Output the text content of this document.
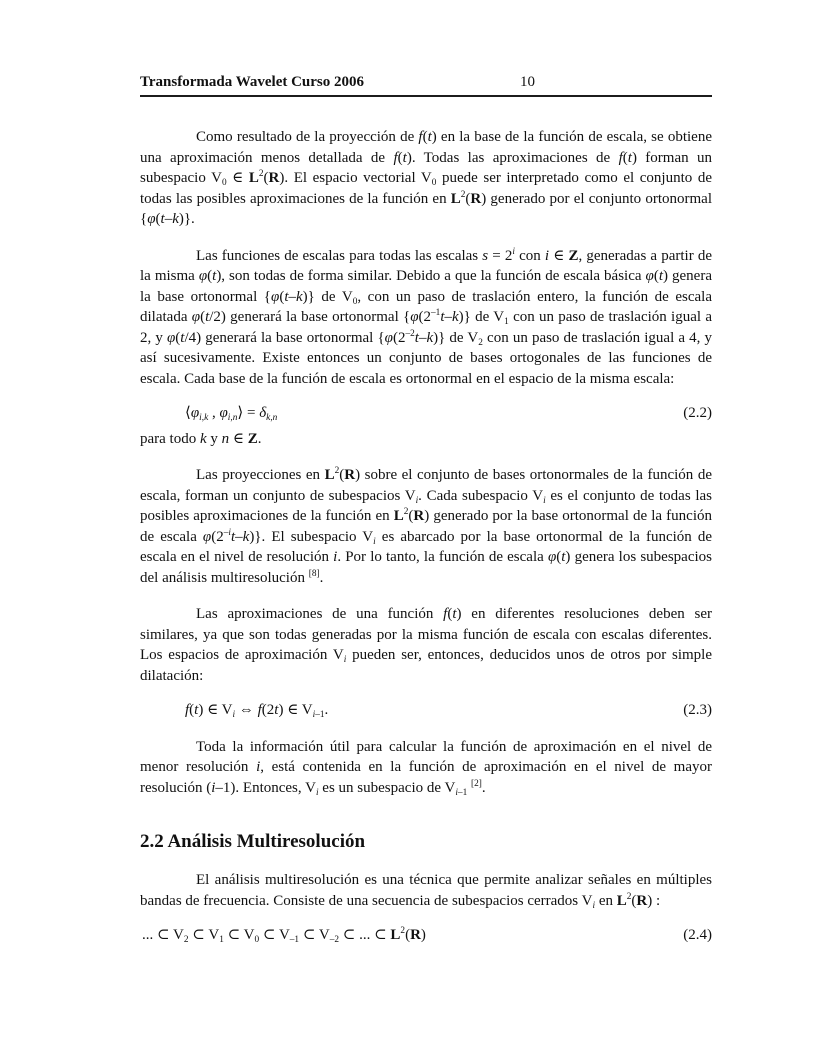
Transformada Wavelet Curso 2006	10

Como resultado de la proyección de f(t) en la base de la función de escala, se obtiene una aproximación menos detallada de f(t). Todas las aproximaciones de f(t) forman un subespacio $V_0$ ∈ $L^2(R)$. El espacio vectorial $V_0$ puede ser interpretado como el conjunto de todas las posibles aproximaciones de la función en $L^2(R)$ generado por el conjunto ortonormal {φ(t–k)}.

Las funciones de escalas para todas las escalas $s = 2^i$ con i ∈ Z, generadas a partir de la misma φ(t), son todas de forma similar. Debido a que la función de escala básica φ(t) genera la base ortonormal {φ(t–k)} de $V_0$, con un paso de traslación entero, la función de escala dilatada φ(t/2) generará la base ortonormal $\{\varphi(2^{-1}t-k)\}$ de $V_1$ con un paso de traslación igual a 2, y φ(t/4) generará la base ortonormal $\{\varphi(2^{-2}t-k)\}$ de $V_2$ con un paso de traslación igual a 4, y así sucesivamente. Existe entonces un conjunto de bases ortogonales de las funciones de escala. Cada base de la función de escala es ortonormal en el espacio de la misma escala:

$⟨\varphi_{i,k}$ , $\varphi_{i,n}⟩ = \delta_{k,n}$	(2.2)

para todo k y n ∈ Z.

Las proyecciones en $L^2(R)$ sobre el conjunto de bases ortonormales de la función de escala, forman un conjunto de subespacios $V_i$. Cada subespacio $V_i$ es el conjunto de todas las posibles aproximaciones de la función en $L^2(R)$ generado por la base ortonormal de la función de escala $\varphi(2^{-i}t-k)$}. El subespacio $V_i$ es abarcado por la base ortonormal de la función de escala en el nivel de resolución i. Por lo tanto, la función de escala φ(t) genera los subespacios del análisis multiresolución [8].

Las aproximaciones de una función f(t) en diferentes resoluciones deben ser similares, ya que son todas generadas por la misma función de escala con escalas diferentes. Los espacios de aproximación $V_i$ pueden ser, entonces, deducidos unos de otros por simple dilatación:

f(t) ∈ $V_i$ ⇔ f(2t) ∈ $V_{i-1}$.	(2.3)

Toda la información útil para calcular la función de aproximación en el nivel de menor resolución i, está contenida en la función de aproximación en el nivel de mayor resolución (i–1). Entonces, $V_i$ es un subespacio de $V_{i-1}$ [2].

2.2 Análisis Multiresolución

El análisis multiresolución es una técnica que permite analizar señales en múltiples bandas de frecuencia. Consiste de una secuencia de subespacios cerrados $V_i$ en $L^2(R)$ :

... ⊂ $V_2$ ⊂ $V_1$ ⊂ $V_0$ ⊂ $V_{-1}$ ⊂ $V_{-2}$ ⊂ ... ⊂ $L^2(R)$	(2.4)
